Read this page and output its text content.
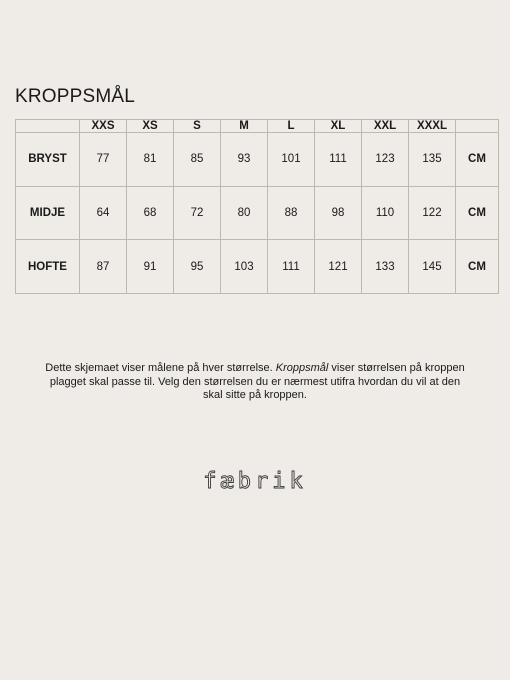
KROPPSMÅL
	XXS	XS	S	M	L	XL	XXL	XXXL	
BRYST	77	81	85	93	101	111	123	135	CM
MIDJE	64	68	72	80	88	98	110	122	CM
HOFTE	87	91	95	103	111	121	133	145	CM

Dette skjemaet viser målene på hver størrelse. Kroppsmål viser størrelsen på kroppen plagget skal passe til. Velg den størrelsen du er nærmest utifra hvordan du vil at den skal sitte på kroppen.

fæbrik
